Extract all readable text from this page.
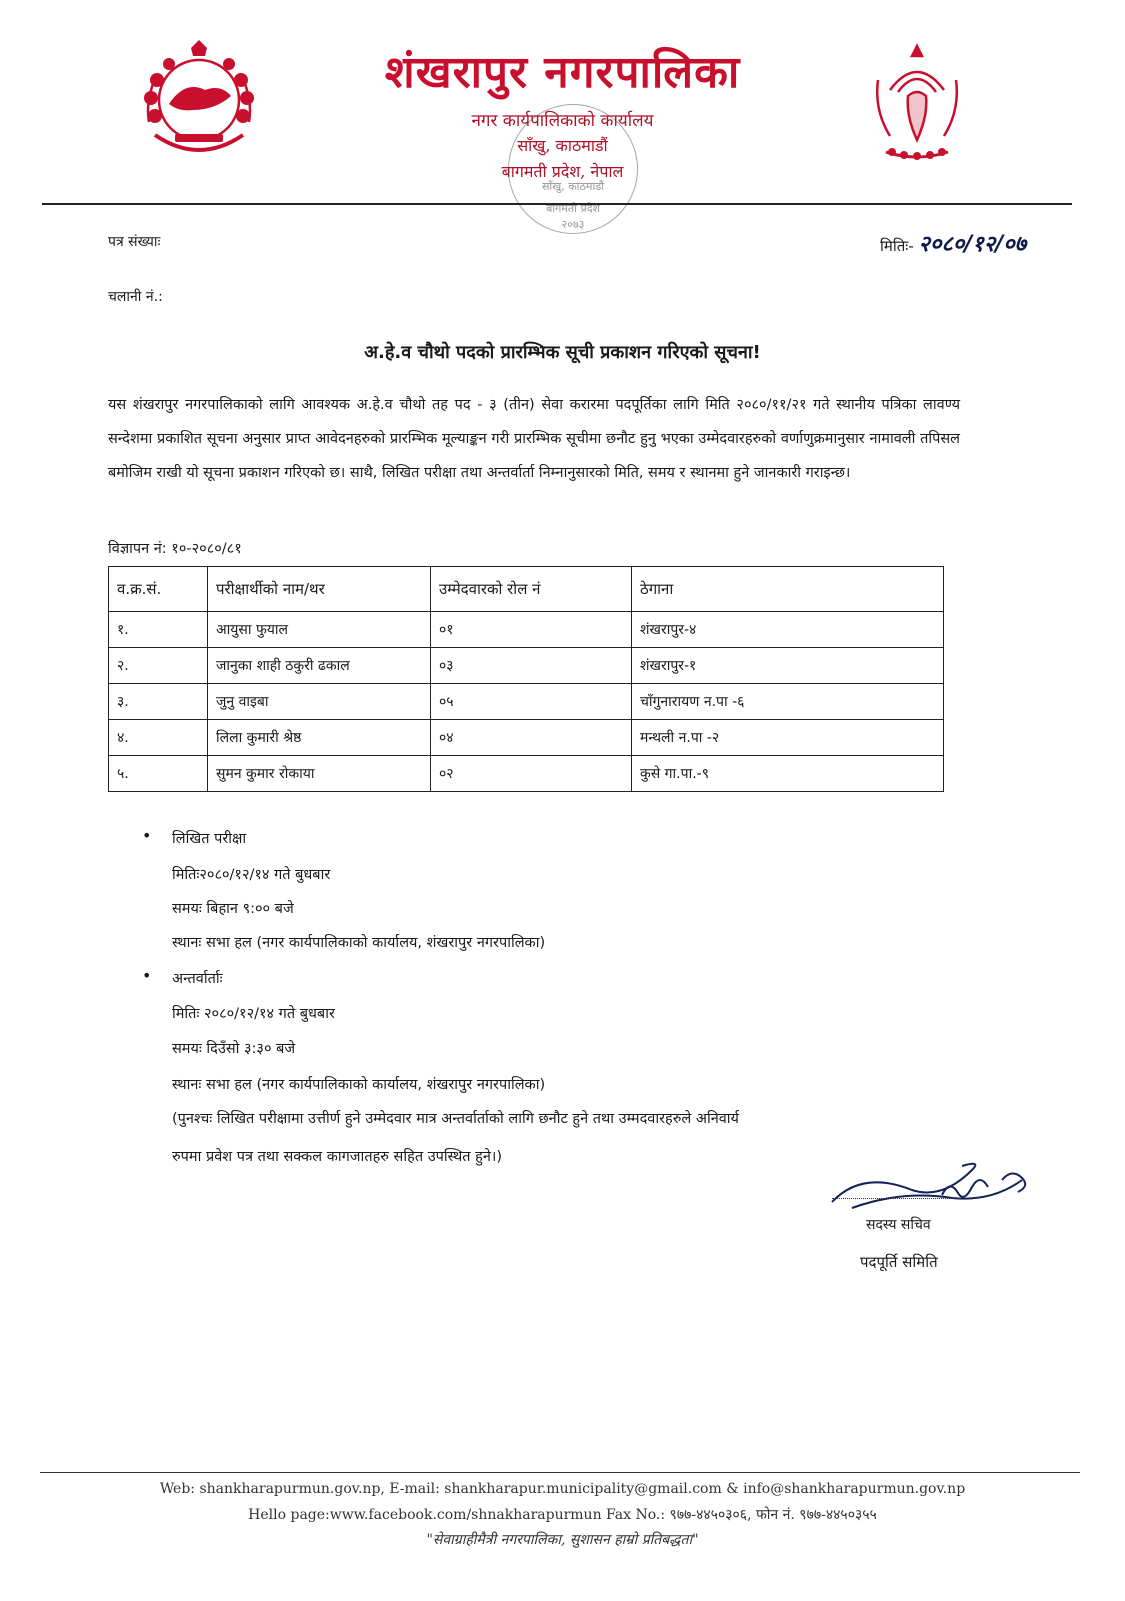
शंखरापुर नगरपालिका
नगर कार्यपालिकाको कार्यालय
साँखु, काठमाडौं
बागमती प्रदेश, नेपाल
साँखु, काठमाडौं
बागमती प्रदेश
२०७३
पत्र संख्याः
चलानी नं.:
मितिः- २०८०/१२/०७
अ.हे.व चौथो पदको प्रारम्भिक सूची प्रकाशन गरिएको सूचना!
यस शंखरापुर नगरपालिकाको लागि आवश्यक अ.हे.व चौथो तह पद - ३ (तीन) सेवा करारमा पदपूर्तिका लागि मिति २०८०/११/२१ गते स्थानीय पत्रिका लावण्य सन्देशमा प्रकाशित सूचना अनुसार प्राप्त आवेदनहरुको प्रारम्भिक मूल्याङ्कन गरी प्रारम्भिक सूचीमा छनौट हुनु भएका उम्मेदवारहरुको वर्णाणुक्रमानुसार नामावली तपिसल बमोजिम राखी यो सूचना प्रकाशन गरिएको छ। साथै, लिखित परीक्षा तथा अन्तर्वार्ता निम्नानुसारको मिति, समय र स्थानमा हुने जानकारी गराइन्छ।
विज्ञापन नं: १०-२०८०/८१
व.क्र.सं.	परीक्षार्थीको नाम/थर	उम्मेदवारको रोल नं	ठेगाना
१.	आयुसा फुयाल	०१	शंखरापुर-४
२.	जानुका शाही ठकुरी ढकाल	०३	शंखरापुर-१
३.	जुनु वाइबा	०५	चाँगुनारायण न.पा -६
४.	लिला कुमारी श्रेष्ठ	०४	मन्थली न.पा -२
५.	सुमन कुमार रोकाया	०२	कुसे गा.पा.-९
• लिखित परीक्षा
मितिः२०८०/१२/१४ गते बुधबार
समयः बिहान ९:०० बजे
स्थानः सभा हल (नगर कार्यपालिकाको कार्यालय, शंखरापुर नगरपालिका)
• अन्तर्वार्ताः
मितिः २०८०/१२/१४ गते बुधबार
समयः दिउँसो ३:३० बजे
स्थानः सभा हल (नगर कार्यपालिकाको कार्यालय, शंखरापुर नगरपालिका)
(पुनश्चः लिखित परीक्षामा उत्तीर्ण हुने उम्मेदवार मात्र अन्तर्वार्ताको लागि छनौट हुने तथा उम्मदवारहरुले अनिवार्य
रुपमा प्रवेश पत्र तथा सक्कल कागजातहरु सहित उपस्थित हुने।)
सदस्य सचिव
पदपूर्ति समिति
Web: shankharapurmun.gov.np, E-mail: shankharapur.municipality@gmail.com & info@shankharapurmun.gov.np
Hello page:www.facebook.com/shnakharapurmun Fax No.: ९७७-४४५०३०६, फोन नं. ९७७-४४५०३५५
"सेवाग्राहीमैत्री नगरपालिका, सुशासन हाम्रो प्रतिबद्धता"
